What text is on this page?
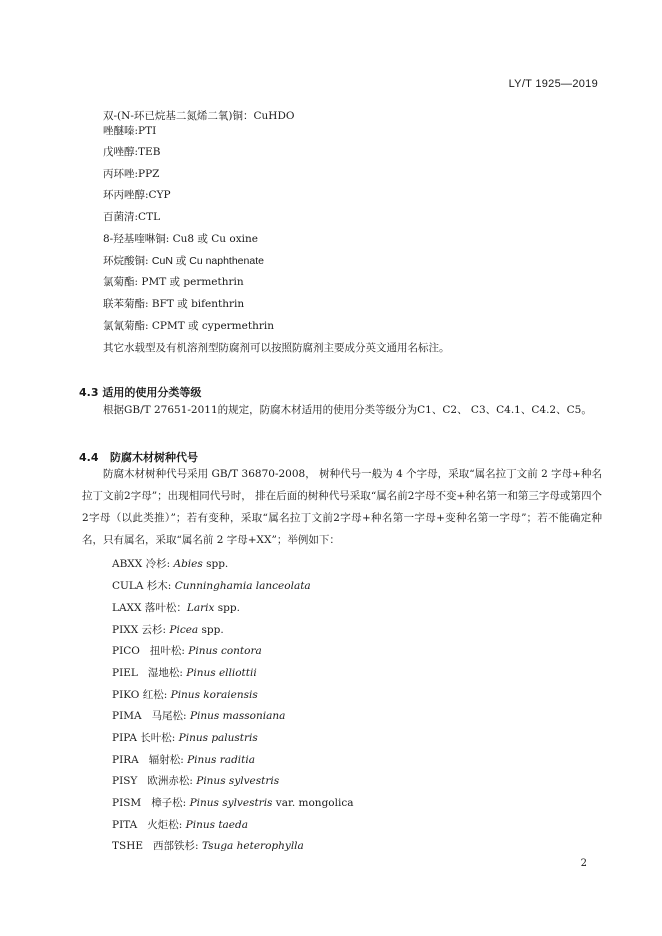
LY/T 1925—2019
双-(N-环已烷基二氮烯二氧)铜：CuHDO
唑醚嗪:PTI
戊唑醇:TEB
丙环唑:PPZ
环丙唑醇:CYP
百菌清:CTL
8-羟基喹啉铜: Cu8 或 Cu oxine
环烷酸铜: CuN 或 Cu naphthenate
氯菊酯: PMT 或 permethrin
联苯菊酯: BFT 或 bifenthrin
氯氰菊酯: CPMT 或 cypermethrin
其它水载型及有机溶剂型防腐剂可以按照防腐剂主要成分英文通用名标注。
4.3 适用的使用分类等级

根据GB/T 27651-2011的规定，防腐木材适用的使用分类等级分为C1、C2、 C3、C4.1、C4.2、C5。

4.4 防腐木材树种代号

防腐木材树种代号采用 GB/T 36870-2008， 树种代号一般为 4 个字母，采取“属名拉丁文前 2 字母+种名拉丁文前2字母”；出现相同代号时， 排在后面的树种代号采取“属名前2字母不变+种名第一和第三字母或第四个2字母（以此类推）”；若有变种，采取“属名拉丁文前2字母+种名第一字母+变种名第一字母”；若不能确定种名，只有属名，采取“属名前 2 字母+XX”；举例如下：

ABXX 冷杉: Abies spp.
CULA 杉木: Cunninghamia lanceolata
LAXX 落叶松：Larix spp.
PIXX 云杉: Picea spp.
PICO 扭叶松: Pinus contora
PIEL 湿地松: Pinus elliottii
PIKO 红松: Pinus koraiensis
PIMA 马尾松: Pinus massoniana
PIPA 长叶松: Pinus palustris
PIRA 辐射松: Pinus raditia
PISY 欧洲赤松: Pinus sylvestris
PISM 樟子松: Pinus sylvestris var. mongolica
PITA 火炬松: Pinus taeda
TSHE 西部铁杉: Tsuga heterophylla
2
